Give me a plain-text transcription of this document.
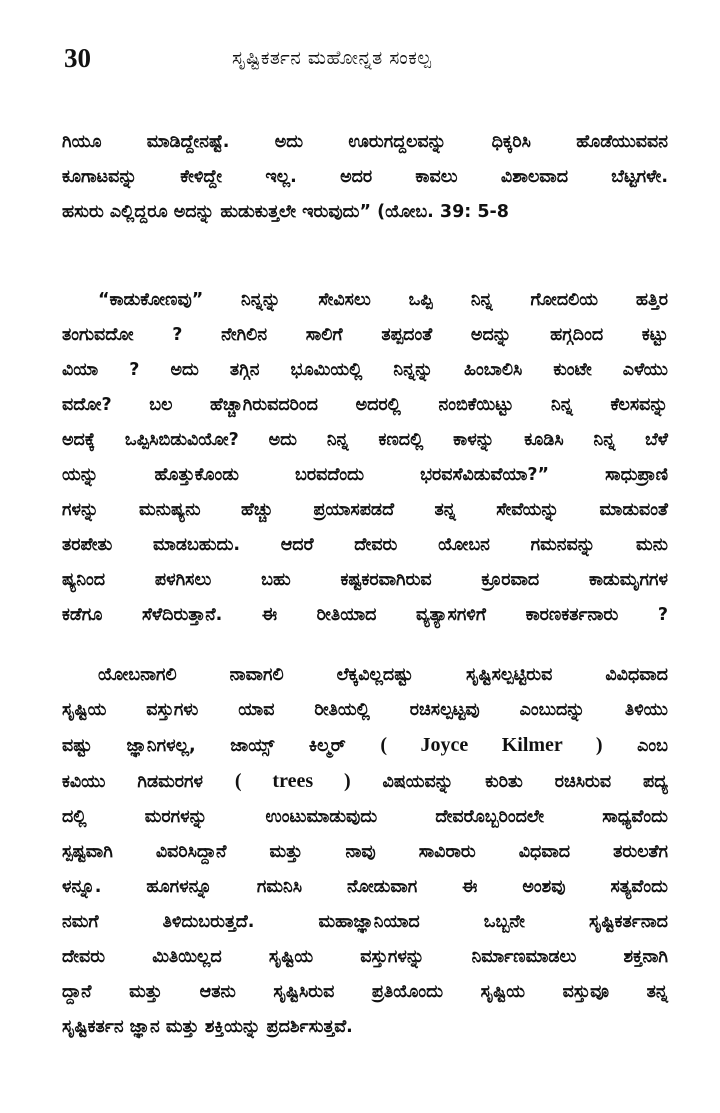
30	ಸೃಷ್ಟಿಕರ್ತನ ಮಹೋನ್ನತ ಸಂಕಲ್ಪ

ಗಿಯೂ ಮಾಡಿದ್ದೇನಷ್ಟೆ. ಅದು ಊರುಗದ್ದಲವನ್ನು ಧಿಕ್ಕರಿಸಿ ಹೊಡೆಯುವವನ
ಕೂಗಾಟವನ್ನು ಕೇಳಿದ್ದೇ ಇಲ್ಲ. ಅದರ ಕಾವಲು ವಿಶಾಲವಾದ ಬೆಟ್ಟಗಳೇ.
ಹಸುರು ಎಲ್ಲಿದ್ದರೂ ಅದನ್ನು ಹುಡುಕುತ್ತಲೇ ಇರುವುದು” (ಯೋಬ. 39: 5-8

“ಕಾಡುಕೋಣವು” ನಿನ್ನನ್ನು ಸೇವಿಸಲು ಒಪ್ಪಿ ನಿನ್ನ ಗೋದಲಿಯ ಹತ್ತಿರ
ತಂಗುವದೋ ? ನೇಗಿಲಿನ ಸಾಲಿಗೆ ತಪ್ಪದಂತೆ ಅದನ್ನು ಹಗ್ಗದಿಂದ ಕಟ್ಟು
ವಿಯಾ ? ಅದು ತಗ್ಗಿನ ಭೂಮಿಯಲ್ಲಿ ನಿನ್ನನ್ನು ಹಿಂಬಾಲಿಸಿ ಕುಂಟೇ ಎಳೆಯು
ವದೋ? ಬಲ ಹೆಚ್ಚಾಗಿರುವದರಿಂದ ಅದರಲ್ಲಿ ನಂಬಿಕೆಯಿಟ್ಟು ನಿನ್ನ ಕೆಲಸವನ್ನು
ಅದಕ್ಕೆ ಒಪ್ಪಿಸಿಬಿಡುವಿಯೋ? ಅದು ನಿನ್ನ ಕಣದಲ್ಲಿ ಕಾಳನ್ನು ಕೂಡಿಸಿ ನಿನ್ನ ಬೆಳೆ
ಯನ್ನು ಹೊತ್ತುಕೊಂಡು ಬರವದೆಂದು ಭರವಸೆವಿಡುವೆಯಾ?” ಸಾಧುಪ್ರಾಣಿ
ಗಳನ್ನು ಮನುಷ್ಯನು ಹೆಚ್ಚು ಪ್ರಯಾಸಪಡದೆ ತನ್ನ ಸೇವೆಯನ್ನು ಮಾಡುವಂತೆ
ತರಪೇತು ಮಾಡಬಹುದು. ಆದರೆ ದೇವರು ಯೋಬನ ಗಮನವನ್ನು ಮನು
ಷ್ಯನಿಂದ ಪಳಗಿಸಲು ಬಹು ಕಷ್ಟಕರವಾಗಿರುವ ಕ್ರೂರವಾದ ಕಾಡುಮೃಗಗಳ
ಕಡೆಗೂ ಸೆಳೆದಿರುತ್ತಾನೆ. ಈ ರೀತಿಯಾದ ವ್ಯತ್ಯಾಸಗಳಿಗೆ ಕಾರಣಕರ್ತನಾರು ?

ಯೋಬನಾಗಲಿ ನಾವಾಗಲಿ ಲೆಕ್ಕವಿಲ್ಲದಷ್ಟು ಸೃಷ್ಟಿಸಲ್ಪಟ್ಟಿರುವ ವಿವಿಧವಾದ
ಸೃಷ್ಟಿಯ ವಸ್ತುಗಳು ಯಾವ ರೀತಿಯಲ್ಲಿ ರಚಿಸಲ್ಪಟ್ಟವು ಎಂಬುದನ್ನು ತಿಳಿಯು
ವಷ್ಟು ಜ್ಞಾನಿಗಳಲ್ಲ, ಜಾಯ್ಸ್ ಕಿಲ್ಮರ್ ( Joyce Kilmer ) ಎಂಬ
ಕವಿಯು ಗಿಡಮರಗಳ ( trees ) ವಿಷಯವನ್ನು ಕುರಿತು ರಚಿಸಿರುವ ಪದ್ಯ
ದಲ್ಲಿ ಮರಗಳನ್ನು ಉಂಟುಮಾಡುವುದು ದೇವರೊಬ್ಬರಿಂದಲೇ ಸಾಧ್ಯವೆಂದು
ಸ್ಪಷ್ಟವಾಗಿ ವಿವರಿಸಿದ್ದಾನೆ ಮತ್ತು ನಾವು ಸಾವಿರಾರು ವಿಧವಾದ ತರುಲತೆಗ
ಳನ್ನೂ. ಹೂಗಳನ್ನೂ ಗಮನಿಸಿ ನೋಡುವಾಗ ಈ ಅಂಶವು ಸತ್ಯವೆಂದು
ನಮಗೆ ತಿಳಿದುಬರುತ್ತದೆ. ಮಹಾಜ್ಞಾನಿಯಾದ ಒಬ್ಬನೇ ಸೃಷ್ಟಿಕರ್ತನಾದ
ದೇವರು ಮಿತಿಯಿಲ್ಲದ ಸೃಷ್ಟಿಯ ವಸ್ತುಗಳನ್ನು ನಿರ್ಮಾಣಮಾಡಲು ಶಕ್ತನಾಗಿ
ದ್ದಾನೆ ಮತ್ತು ಆತನು ಸೃಷ್ಟಿಸಿರುವ ಪ್ರತಿಯೊಂದು ಸೃಷ್ಟಿಯ ವಸ್ತುವೂ ತನ್ನ
ಸೃಷ್ಟಿಕರ್ತನ ಜ್ಞಾನ ಮತ್ತು ಶಕ್ತಿಯನ್ನು ಪ್ರದರ್ಶಿಸುತ್ತವೆ.
